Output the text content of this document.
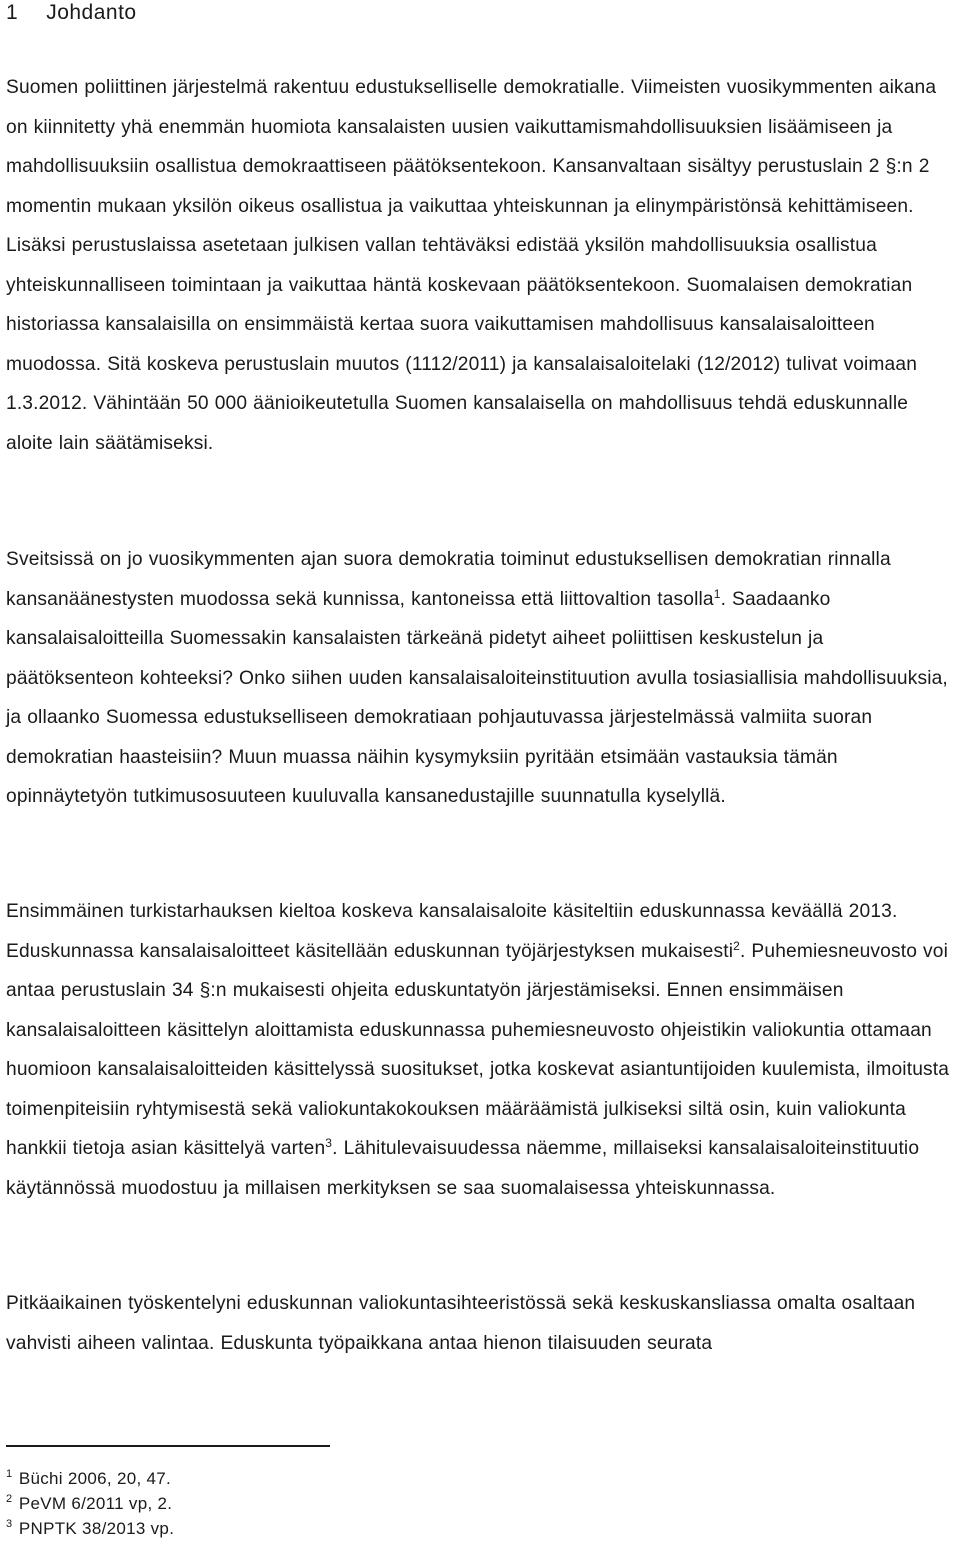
1 Johdanto

Suomen poliittinen järjestelmä rakentuu edustukselliselle demokratialle. Viimeisten vuosikymmenten aikana on kiinnitetty yhä enemmän huomiota kansalaisten uusien vaikuttamismahdollisuuksien lisäämiseen ja mahdollisuuksiin osallistua demokraattiseen päätöksentekoon. Kansanvaltaan sisältyy perustuslain 2 §:n 2 momentin mukaan yksilön oikeus osallistua ja vaikuttaa yhteiskunnan ja elinympäristönsä kehittämiseen. Lisäksi perustuslaissa asetetaan julkisen vallan tehtäväksi edistää yksilön mahdollisuuksia osallistua yhteiskunnalliseen toimintaan ja vaikuttaa häntä koskevaan päätöksentekoon. Suomalaisen demokratian historiassa kansalaisilla on ensimmäistä kertaa suora vaikuttamisen mahdollisuus kansalaisaloitteen muodossa. Sitä koskeva perustuslain muutos (1112/2011) ja kansalaisaloitelaki (12/2012) tulivat voimaan 1.3.2012. Vähintään 50 000 äänioikeutetulla Suomen kansalaisella on mahdollisuus tehdä eduskunnalle aloite lain säätämiseksi.

Sveitsissä on jo vuosikymmenten ajan suora demokratia toiminut edustuksellisen demokratian rinnalla kansanäänestysten muodossa sekä kunnissa, kantoneissa että liittovaltion tasolla$^1$. Saadaanko kansalaisaloitteilla Suomessakin kansalaisten tärkeänä pidetyt aiheet poliittisen keskustelun ja päätöksenteon kohteeksi? Onko siihen uuden kansalaisaloiteinstituution avulla tosiasiallisia mahdollisuuksia, ja ollaanko Suomessa edustukselliseen demokratiaan pohjautuvassa järjestelmässä valmiita suoran demokratian haasteisiin? Muun muassa näihin kysymyksiin pyritään etsimään vastauksia tämän opinnäytetyön tutkimusosuuteen kuuluvalla kansanedustajille suunnatulla kyselyllä.

Ensimmäinen turkistarhauksen kieltoa koskeva kansalaisaloite käsiteltiin eduskunnassa keväällä 2013. Eduskunnassa kansalaisaloitteet käsitellään eduskunnan työjärjestyksen mukaisesti$^2$. Puhemiesneuvosto voi antaa perustuslain 34 §:n mukaisesti ohjeita eduskuntatyön järjestämiseksi. Ennen ensimmäisen kansalaisaloitteen käsittelyn aloittamista eduskunnassa puhemiesneuvosto ohjeistikin valiokuntia ottamaan huomioon kansalaisaloitteiden käsittelyssä suositukset, jotka koskevat asiantuntijoiden kuulemista, ilmoitusta toimenpiteisiin ryhtymisestä sekä valiokuntakokouksen määräämistä julkiseksi siltä osin, kuin valiokunta hankkii tietoja asian käsittelyä varten$^3$. Lähitulevaisuudessa näemme, millaiseksi kansalaisaloiteinstituutio käytännössä muodostuu ja millaisen merkityksen se saa suomalaisessa yhteiskunnassa.

Pitkäaikainen työskentelyni eduskunnan valiokuntasihteeristössä sekä keskuskansliassa omalta osaltaan vahvisti aiheen valintaa. Eduskunta työpaikkana antaa hienon tilaisuuden seurata

$^1$ Büchi 2006, 20, 47.
$^2$ PeVM 6/2011 vp, 2.
$^3$ PNPTK 38/2013 vp.
